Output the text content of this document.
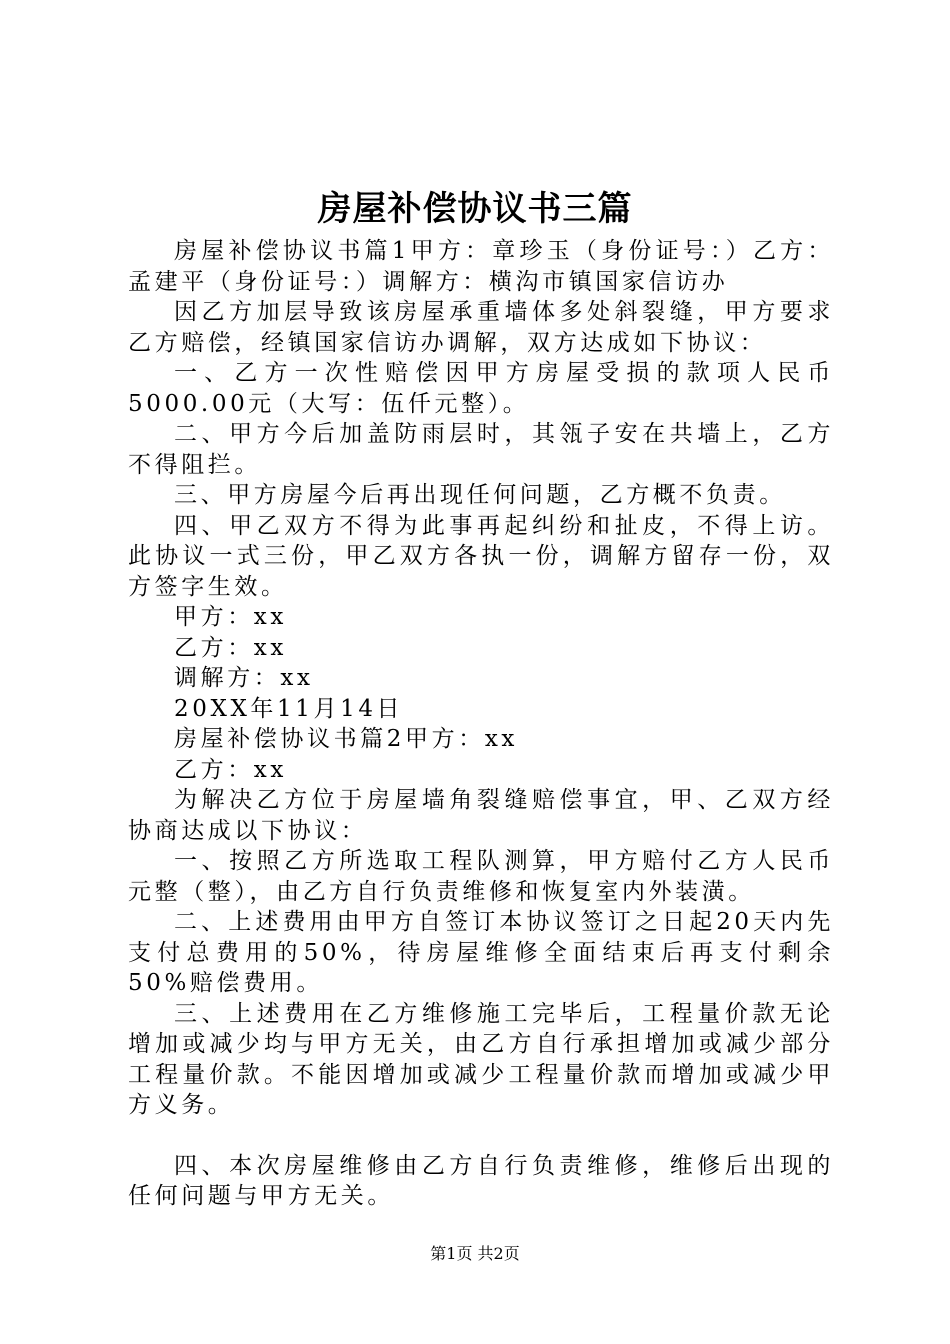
房屋补偿协议书三篇

房屋补偿协议书篇1甲方：章珍玉（身份证号：）乙方：孟建平（身份证号：）调解方：横沟市镇国家信访办

因乙方加层导致该房屋承重墙体多处斜裂缝，甲方要求乙方赔偿，经镇国家信访办调解，双方达成如下协议：

一、乙方一次性赔偿因甲方房屋受损的款项人民币5000.00元（大写：伍仟元整）。

二、甲方今后加盖防雨层时，其瓴子安在共墙上，乙方不得阻拦。

三、甲方房屋今后再出现任何问题，乙方概不负责。

四、甲乙双方不得为此事再起纠纷和扯皮，不得上访。此协议一式三份，甲乙双方各执一份，调解方留存一份，双方签字生效。

甲方：xx

乙方：xx

调解方：xx

20XX年11月14日

房屋补偿协议书篇2甲方：xx

乙方：xx

为解决乙方位于房屋墙角裂缝赔偿事宜，甲、乙双方经协商达成以下协议：

一、按照乙方所选取工程队测算，甲方赔付乙方人民币元整（整），由乙方自行负责维修和恢复室内外装潢。

二、上述费用由甲方自签订本协议签订之日起20天内先支付总费用的50%，待房屋维修全面结束后再支付剩余50%赔偿费用。

三、上述费用在乙方维修施工完毕后，工程量价款无论增加或减少均与甲方无关，由乙方自行承担增加或减少部分工程量价款。不能因增加或减少工程量价款而增加或减少甲方义务。

四、本次房屋维修由乙方自行负责维修，维修后出现的任何问题与甲方无关。

第1页 共2页
